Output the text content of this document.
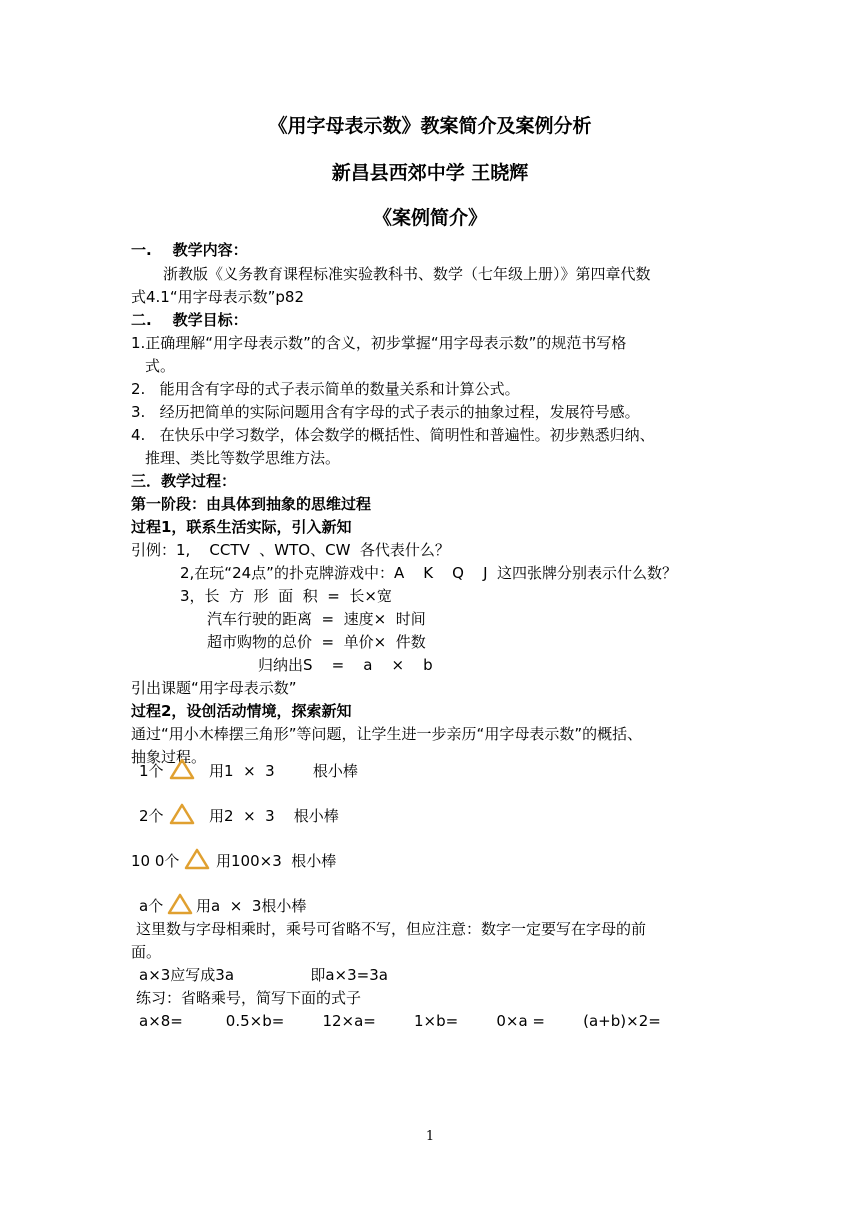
《用字母表示数》教案简介及案例分析
新昌县西郊中学 王晓辉
《案例简介》
一.    教学内容：
浙教版《义务教育课程标准实验教科书、数学（七年级上册）》第四章代数
式4.1“用字母表示数”p82
二.    教学目标：
1.正确理解“用字母表示数”的含义，初步掌握“用字母表示数”的规范书写格
式。
2.   能用含有字母的式子表示简单的数量关系和计算公式。
3.   经历把简单的实际问题用含有字母的式子表示的抽象过程，发展符号感。
4.   在快乐中学习数学，体会数学的概括性、简明性和普遍性。初步熟悉归纳、
推理、类比等数学思维方法。
三．教学过程：
第一阶段：由具体到抽象的思维过程
过程1，联系生活实际，引入新知
引例：1,    CCTV  、WTO、CW  各代表什么？
2,在玩“24点”的扑克牌游戏中：A    K    Q    J  这四张牌分别表示什么数？
3，长  方  形  面  积  =  长×宽
汽车行驶的距离  =  速度×  时间
超市购物的总价  =  单价×  件数
归纳出S    =    a    ×    b
引出课题“用字母表示数”
过程2，设创活动情境，探索新知
通过“用小木棒摆三角形”等问题，让学生进一步亲历“用字母表示数”的概括、
抽象过程。
1个	用1  ×  3        根小棒
2个	用2  ×  3    根小棒
10 0个 用100×3  根小棒
a个 用a  ×  3根小棒
这里数与字母相乘时，乘号可省略不写，但应注意：数字一定要写在字母的前
面。
a×3应写成3a                即a×3=3a
练习：省略乘号，简写下面的式子
a×8=         0.5×b=        12×a=        1×b=        0×a =        (a+b)×2=
1
